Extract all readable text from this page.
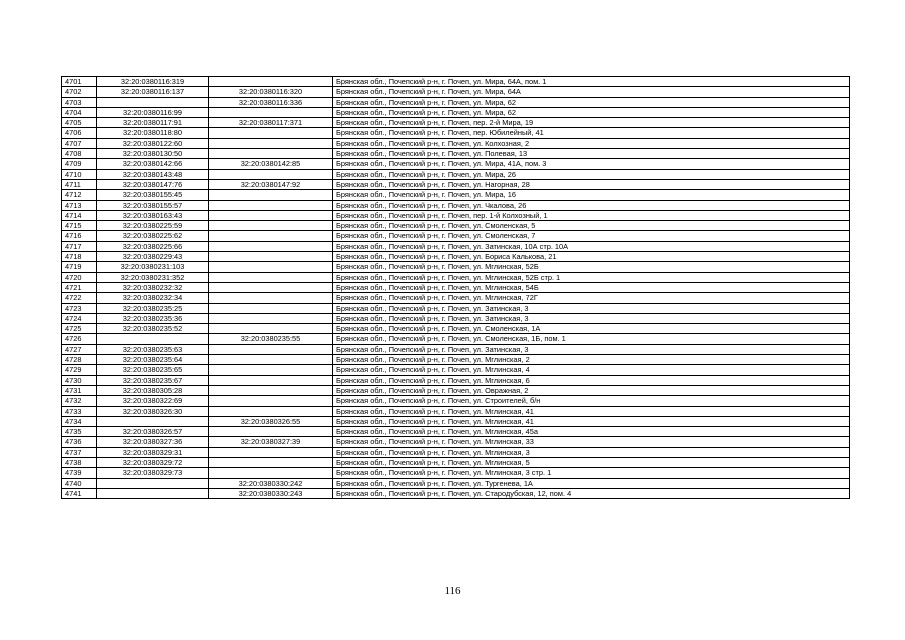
4701	32:20:0380116:319		Брянская обл., Почепский р-н, г. Почеп, ул. Мира, 64А, пом. 1
4702	32:20:0380116:137	32:20:0380116:320	Брянская обл., Почепский р-н, г. Почеп, ул. Мира, 64А
4703		32:20:0380116:336	Брянская обл., Почепский р-н, г. Почеп, ул. Мира, 62
4704	32:20:0380116:99		Брянская обл., Почепский р-н, г. Почеп, ул. Мира, 62
4705	32:20:0380117:91	32:20:0380117:371	Брянская обл., Почепский р-н, г. Почеп, пер. 2-й Мира, 19
4706	32:20:0380118:80		Брянская обл., Почепский р-н, г. Почеп, пер. Юбилейный, 41
4707	32:20:0380122:60		Брянская обл., Почепский р-н, г. Почеп, ул. Колхозная, 2
4708	32:20:0380130:50		Брянская обл., Почепский р-н, г. Почеп, ул. Полевая, 13
4709	32:20:0380142:66	32:20:0380142:85	Брянская обл., Почепский р-н, г. Почеп, ул. Мира, 41А, пом. 3
4710	32:20:0380143:48		Брянская обл., Почепский р-н, г. Почеп, ул. Мира, 26
4711	32:20:0380147:76	32:20:0380147:92	Брянская обл., Почепский р-н, г. Почеп, ул. Нагорная, 28
4712	32:20:0380155:45		Брянская обл., Почепский р-н, г. Почеп, ул. Мира, 16
4713	32:20:0380155:57		Брянская обл., Почепский р-н, г. Почеп, ул. Чкалова, 26
4714	32:20:0380163:43		Брянская обл., Почепский р-н, г. Почеп, пер. 1-й Колхозный, 1
4715	32:20:0380225:59		Брянская обл., Почепский р-н, г. Почеп, ул. Смоленская, 5
4716	32:20:0380225:62		Брянская обл., Почепский р-н, г. Почеп, ул. Смоленская, 7
4717	32:20:0380225:66		Брянская обл., Почепский р-н, г. Почеп, ул. Затинская, 10А стр. 10А
4718	32:20:0380229:43		Брянская обл., Почепский р-н, г. Почеп, ул. Бориса Калькова, 21
4719	32:20:0380231:103		Брянская обл., Почепский р-н, г. Почеп, ул. Мглинская, 52Б
4720	32:20:0380231:352		Брянская обл., Почепский р-н, г. Почеп, ул. Мглинская, 52Б стр. 1
4721	32:20:0380232:32		Брянская обл., Почепский р-н, г. Почеп, ул. Мглинская, 54Б
4722	32:20:0380232:34		Брянская обл., Почепский р-н, г. Почеп, ул. Мглинская, 72Г
4723	32:20:0380235:25		Брянская обл., Почепский р-н, г. Почеп, ул. Затинская, 3
4724	32:20:0380235:36		Брянская обл., Почепский р-н, г. Почеп, ул. Затинская, 3
4725	32:20:0380235:52		Брянская обл., Почепский р-н, г. Почеп, ул. Смоленская, 1А
4726		32:20:0380235:55	Брянская обл., Почепский р-н, г. Почеп, ул. Смоленская, 1Б, пом. 1
4727	32:20:0380235:63		Брянская обл., Почепский р-н, г. Почеп, ул. Затинская, 3
4728	32:20:0380235:64		Брянская обл., Почепский р-н, г. Почеп, ул. Мглинская, 2
4729	32:20:0380235:65		Брянская обл., Почепский р-н, г. Почеп, ул. Мглинская, 4
4730	32:20:0380235:67		Брянская обл., Почепский р-н, г. Почеп, ул. Мглинская, 6
4731	32:20:0380305:28		Брянская обл., Почепский р-н, г. Почеп, ул. Овражная, 2
4732	32:20:0380322:69		Брянская обл., Почепский р-н, г. Почеп, ул. Строителей, б/н
4733	32:20:0380326:30		Брянская обл., Почепский р-н, г. Почеп, ул. Мглинская, 41
4734		32:20:0380326:55	Брянская обл., Почепский р-н, г. Почеп, ул. Мглинская, 41
4735	32:20:0380326:57		Брянская обл., Почепский р-н, г. Почеп, ул. Мглинская, 45а
4736	32:20:0380327:36	32:20:0380327:39	Брянская обл., Почепский р-н, г. Почеп, ул. Мглинская, 33
4737	32:20:0380329:31		Брянская обл., Почепский р-н, г. Почеп, ул. Мглинская, 3
4738	32:20:0380329:72		Брянская обл., Почепский р-н, г. Почеп, ул. Мглинская, 5
4739	32:20:0380329:73		Брянская обл., Почепский р-н, г. Почеп, ул. Мглинская, 3 стр. 1
4740		32:20:0380330:242	Брянская обл., Почепский р-н, г. Почеп, ул. Тургенева, 1А
4741		32:20:0380330:243	Брянская обл., Почепский р-н, г. Почеп, ул. Стародубская, 12, пом. 4
116
